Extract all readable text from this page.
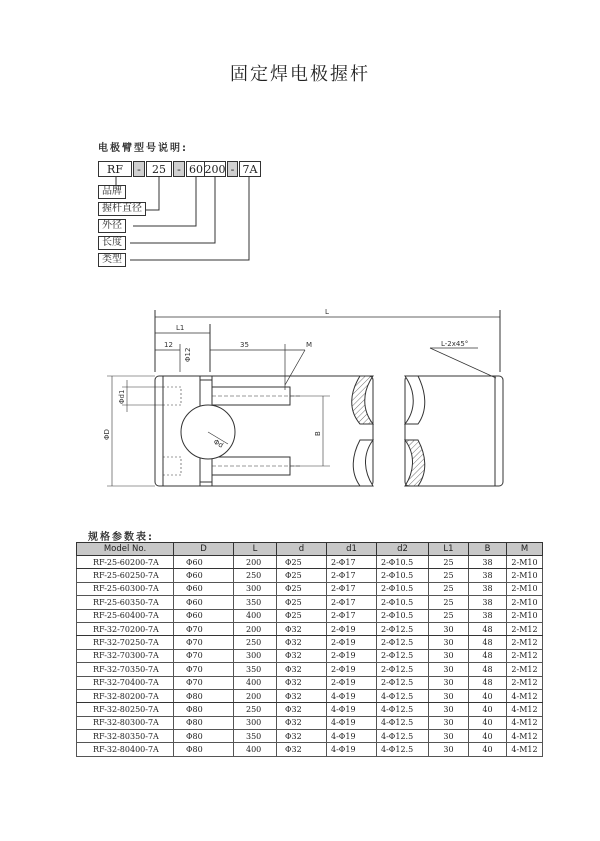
固定焊电极握杆
电极臂型号说明:
RF	-	25	- 60 200 - 7A
品牌
握杆直径
外径
长度
类型
L
L1
12
Φ12
35	M	L-2x45°
Φd1
ΦD
Φd
B
规格参数表:
Model No.	D	L	d	d1	d2	L1	B	M
RF-25-60200-7A	Φ60	200	Φ25	2-Φ17	2-Φ10.5	25	38	2-M10
RF-25-60250-7A	Φ60	250	Φ25	2-Φ17	2-Φ10.5	25	38	2-M10
RF-25-60300-7A	Φ60	300	Φ25	2-Φ17	2-Φ10.5	25	38	2-M10
RF-25-60350-7A	Φ60	350	Φ25	2-Φ17	2-Φ10.5	25	38	2-M10
RF-25-60400-7A	Φ60	400	Φ25	2-Φ17	2-Φ10.5	25	38	2-M10
RF-32-70200-7A	Φ70	200	Φ32	2-Φ19	2-Φ12.5	30	48	2-M12
RF-32-70250-7A	Φ70	250	Φ32	2-Φ19	2-Φ12.5	30	48	2-M12
RF-32-70300-7A	Φ70	300	Φ32	2-Φ19	2-Φ12.5	30	48	2-M12
RF-32-70350-7A	Φ70	350	Φ32	2-Φ19	2-Φ12.5	30	48	2-M12
RF-32-70400-7A	Φ70	400	Φ32	2-Φ19	2-Φ12.5	30	48	2-M12
RF-32-80200-7A	Φ80	200	Φ32	4-Φ19	4-Φ12.5	30	40	4-M12
RF-32-80250-7A	Φ80	250	Φ32	4-Φ19	4-Φ12.5	30	40	4-M12
RF-32-80300-7A	Φ80	300	Φ32	4-Φ19	4-Φ12.5	30	40	4-M12
RF-32-80350-7A	Φ80	350	Φ32	4-Φ19	4-Φ12.5	30	40	4-M12
RF-32-80400-7A	Φ80	400	Φ32	4-Φ19	4-Φ12.5	30	40	4-M12
